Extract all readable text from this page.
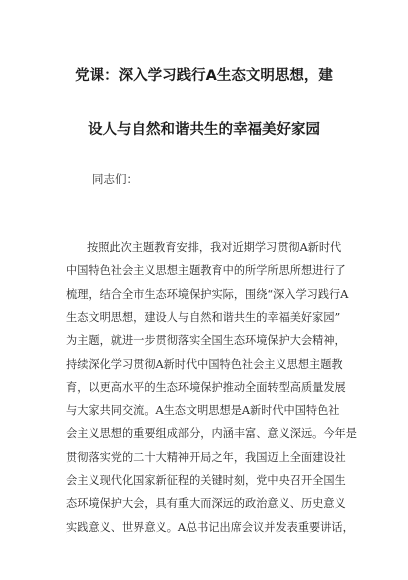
党课：深入学习践行A生态文明思想，建
设人与自然和谐共生的幸福美好家园
同志们：
按照此次主题教育安排，我对近期学习贯彻A新时代
中国特色社会主义思想主题教育中的所学所思所想进行了
梳理，结合全市生态环境保护实际，围绕“深入学习践行A
生态文明思想，建设人与自然和谐共生的幸福美好家园”
为主题，就进一步贯彻落实全国生态环境保护大会精神，
持续深化学习贯彻A新时代中国特色社会主义思想主题教
育，以更高水平的生态环境保护推动全面转型高质量发展
与大家共同交流。A生态文明思想是A新时代中国特色社
会主义思想的重要组成部分，内涵丰富、意义深远。今年是
贯彻落实党的二十大精神开局之年，我国迈上全面建设社
会主义现代化国家新征程的关键时刻，党中央召开全国生
态环境保护大会，具有重大而深远的政治意义、历史意义
实践意义、世界意义。A总书记出席会议并发表重要讲话，
